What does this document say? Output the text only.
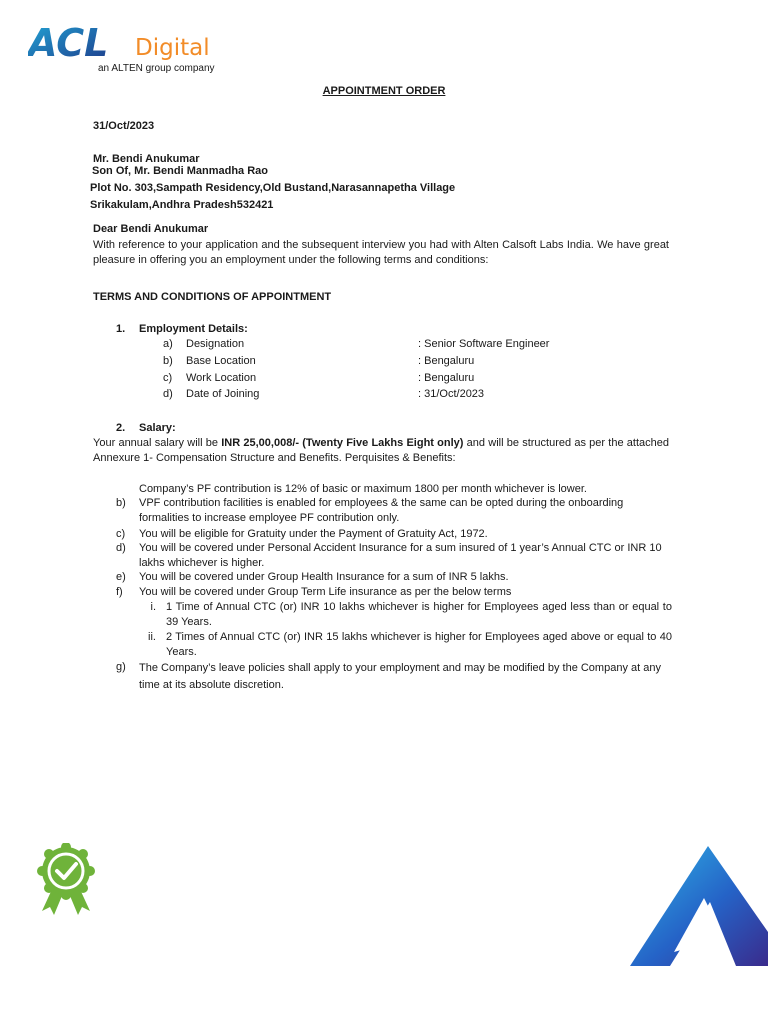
ACL Digital
an ALTEN group company
APPOINTMENT ORDER
31/Oct/2023
Mr. Bendi Anukumar
Son Of, Mr. Bendi Manmadha Rao
Plot No. 303,Sampath Residency,Old Bustand,Narasannapetha Village
Srikakulam,Andhra Pradesh532421
Dear Bendi Anukumar
With reference to your application and the subsequent interview you had with Alten Calsoft Labs India. We have great pleasure in offering you an employment under the following terms and conditions:
TERMS AND CONDITIONS OF APPOINTMENT
1. Employment Details:
a) Designation	: Senior Software Engineer
b) Base Location	: Bengaluru
c) Work Location	: Bengaluru
d) Date of Joining	: 31/Oct/2023
2. Salary:
Your annual salary will be INR 25,00,008/- (Twenty Five Lakhs Eight only) and will be structured as per the attached Annexure 1- Compensation Structure and Benefits. Perquisites & Benefits:
Company’s PF contribution is 12% of basic or maximum 1800 per month whichever is lower.
b) VPF contribution facilities is enabled for employees & the same can be opted during the onboarding formalities to increase employee PF contribution only.
c) You will be eligible for Gratuity under the Payment of Gratuity Act, 1972.
d) You will be covered under Personal Accident Insurance for a sum insured of 1 year’s Annual CTC or INR 10 lakhs whichever is higher.
e) You will be covered under Group Health Insurance for a sum of INR 5 lakhs.
f) You will be covered under Group Term Life insurance as per the below terms
i. 1 Time of Annual CTC (or) INR 10 lakhs whichever is higher for Employees aged less than or equal to 39 Years.
ii. 2 Times of Annual CTC (or) INR 15 lakhs whichever is higher for Employees aged above or equal to 40 Years.
g) The Company’s leave policies shall apply to your employment and may be modified by the Company at any time at its absolute discretion.
